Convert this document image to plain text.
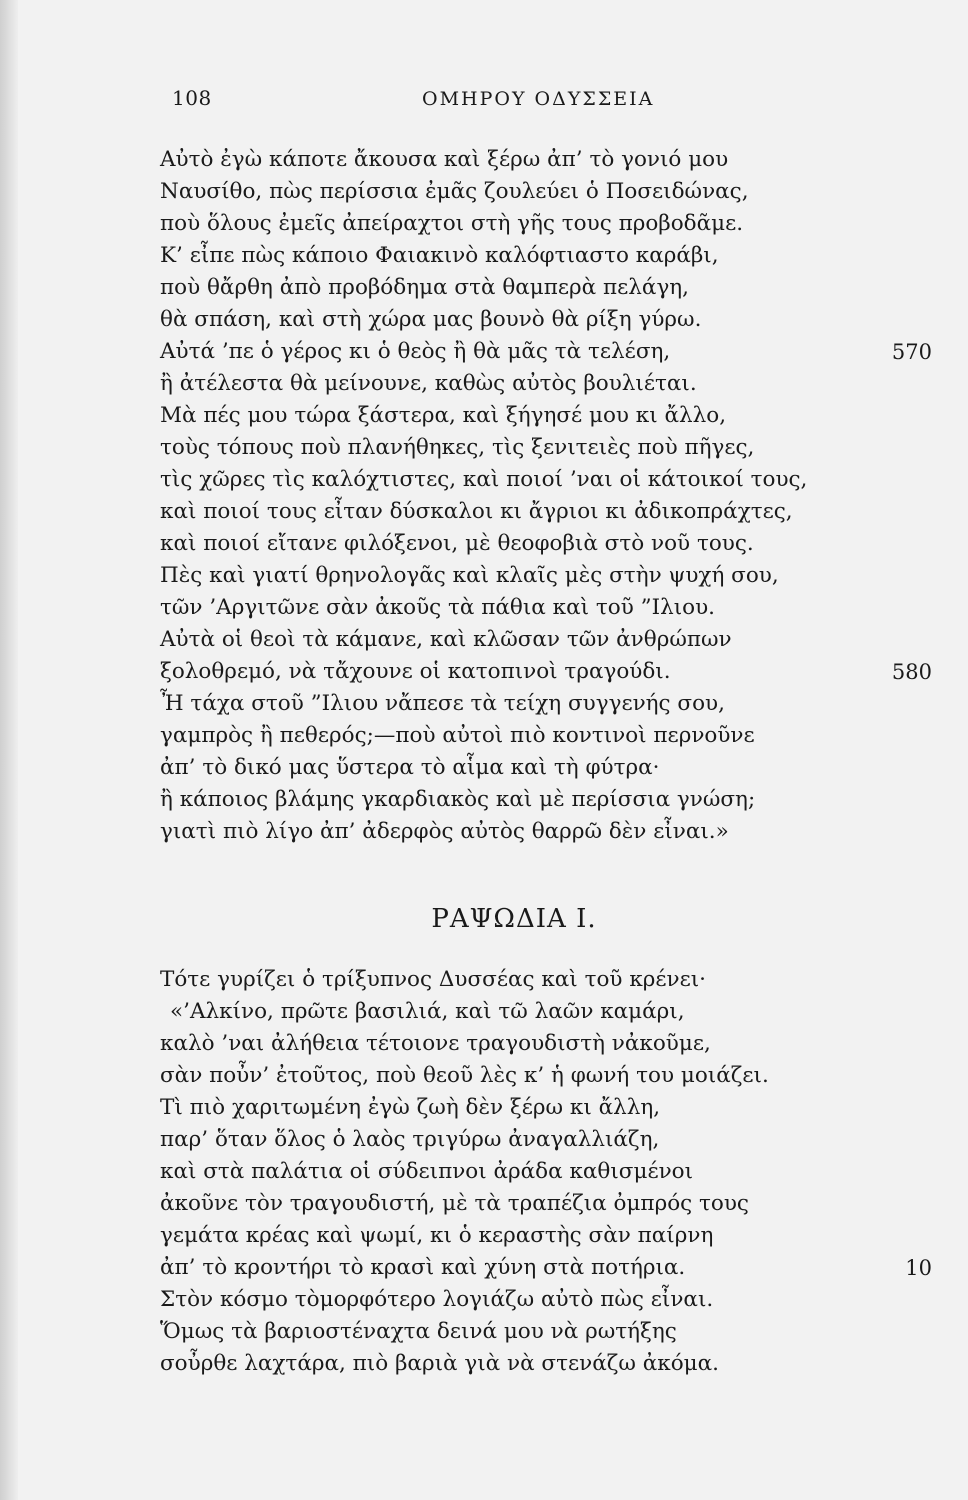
108	ΟΜΗΡΟΥ ΟΔΥΣΣΕΙΑ
Αὐτὸ ἐγὼ κάποτε ἄκουσα καὶ ξέρω ἀπ’ τὸ γονιό μου
Ναυσίθο, πὼς περίσσια ἐμᾶς ζουλεύει ὁ Ποσειδώνας,
ποὺ ὅλους ἐμεῖς ἀπείραχτοι στὴ γῆς τους προβοδᾶμε.
Κ’ εἶπε πὼς κάποιο Φαιακινὸ καλόφτιαστο καράβι,
ποὺ θἄρθη ἀπὸ προβόδημα στὰ θαμπερὰ πελάγη,
θὰ σπάση, καὶ στὴ χώρα μας βουνὸ θὰ ρίξη γύρω.
Αὐτά ’πε ὁ γέρος κι ὁ θεὸς ἢ θὰ μᾶς τὰ τελέση,	570
ἢ ἀτέλεστα θὰ μείνουνε, καθὼς αὐτὸς βουλιέται.
Μὰ πές μου τώρα ξάστερα, καὶ ξήγησέ μου κι ἄλλο,
τοὺς τόπους ποὺ πλανήθηκες, τὶς ξενιτειὲς ποὺ πῆγες,
τὶς χῶρες τὶς καλόχτιστες, καὶ ποιοί ’ναι οἱ κάτοικοί τους,
καὶ ποιοί τους εἶταν δύσκαλοι κι ἄγριοι κι ἀδικοπράχτες,
καὶ ποιοί εἴτανε φιλόξενοι, μὲ θεοφοβιὰ στὸ νοῦ τους.
Πὲς καὶ γιατί θρηνολογᾶς καὶ κλαῖς μὲς στὴν ψυχή σου,
τῶν ’Αργιτῶνε σὰν ἀκοῦς τὰ πάθια καὶ τοῦ ”Ιλιου.
Αὐτὰ οἱ θεοὶ τὰ κάμανε, καὶ κλῶσαν τῶν ἀνθρώπων
ξολοθρεμό, νὰ τἄχουνε οἱ κατοπινοὶ τραγούδι.	580
Ἦ τάχα στοῦ ”Ιλιου νἄπεσε τὰ τείχη συγγενής σου,
γαμπρὸς ἢ πεθερός;—ποὺ αὐτοὶ πιὸ κοντινοὶ περνοῦνε
ἀπ’ τὸ δικό μας ὕστερα τὸ αἷμα καὶ τὴ φύτρα·
ἢ κάποιος βλάμης γκαρδιακὸς καὶ μὲ περίσσια γνώση;
γιατὶ πιὸ λίγο ἀπ’ ἀδερφὸς αὐτὸς θαρρῶ δὲν εἶναι.»
ΡΑΨΩΔΙΑ Ι.
Τότε γυρίζει ὁ τρίξυπνος Δυσσέας καὶ τοῦ κρένει·
«’Αλκίνο, πρῶτε βασιλιά, καὶ τῶ λαῶν καμάρι,
καλὸ ’ναι ἀλήθεια τέτοιονε τραγουδιστὴ νἀκοῦμε,
σὰν ποὖν’ ἐτοῦτος, ποὺ θεοῦ λὲς κ’ ἡ φωνή του μοιάζει.
Τὶ πιὸ χαριτωμένη ἐγὼ ζωὴ δὲν ξέρω κι ἄλλη,
παρ’ ὅταν ὅλος ὁ λαὸς τριγύρω ἀναγαλλιάζη,
καὶ στὰ παλάτια οἱ σύδειπνοι ἀράδα καθισμένοι
ἀκοῦνε τὸν τραγουδιστή, μὲ τὰ τραπέζια ὀμπρός τους
γεμάτα κρέας καὶ ψωμί, κι ὁ κεραστὴς σὰν παίρνη
ἀπ’ τὸ κροντήρι τὸ κρασὶ καὶ χύνη στὰ ποτήρια.	10
Στὸν κόσμο τὸμορφότερο λογιάζω αὐτὸ πὼς εἶναι.
Ὅμως τὰ βαριοστέναχτα δεινά μου νὰ ρωτήξης
σοὖρθε λαχτάρα, πιὸ βαριὰ γιὰ νὰ στενάζω ἀκόμα.
